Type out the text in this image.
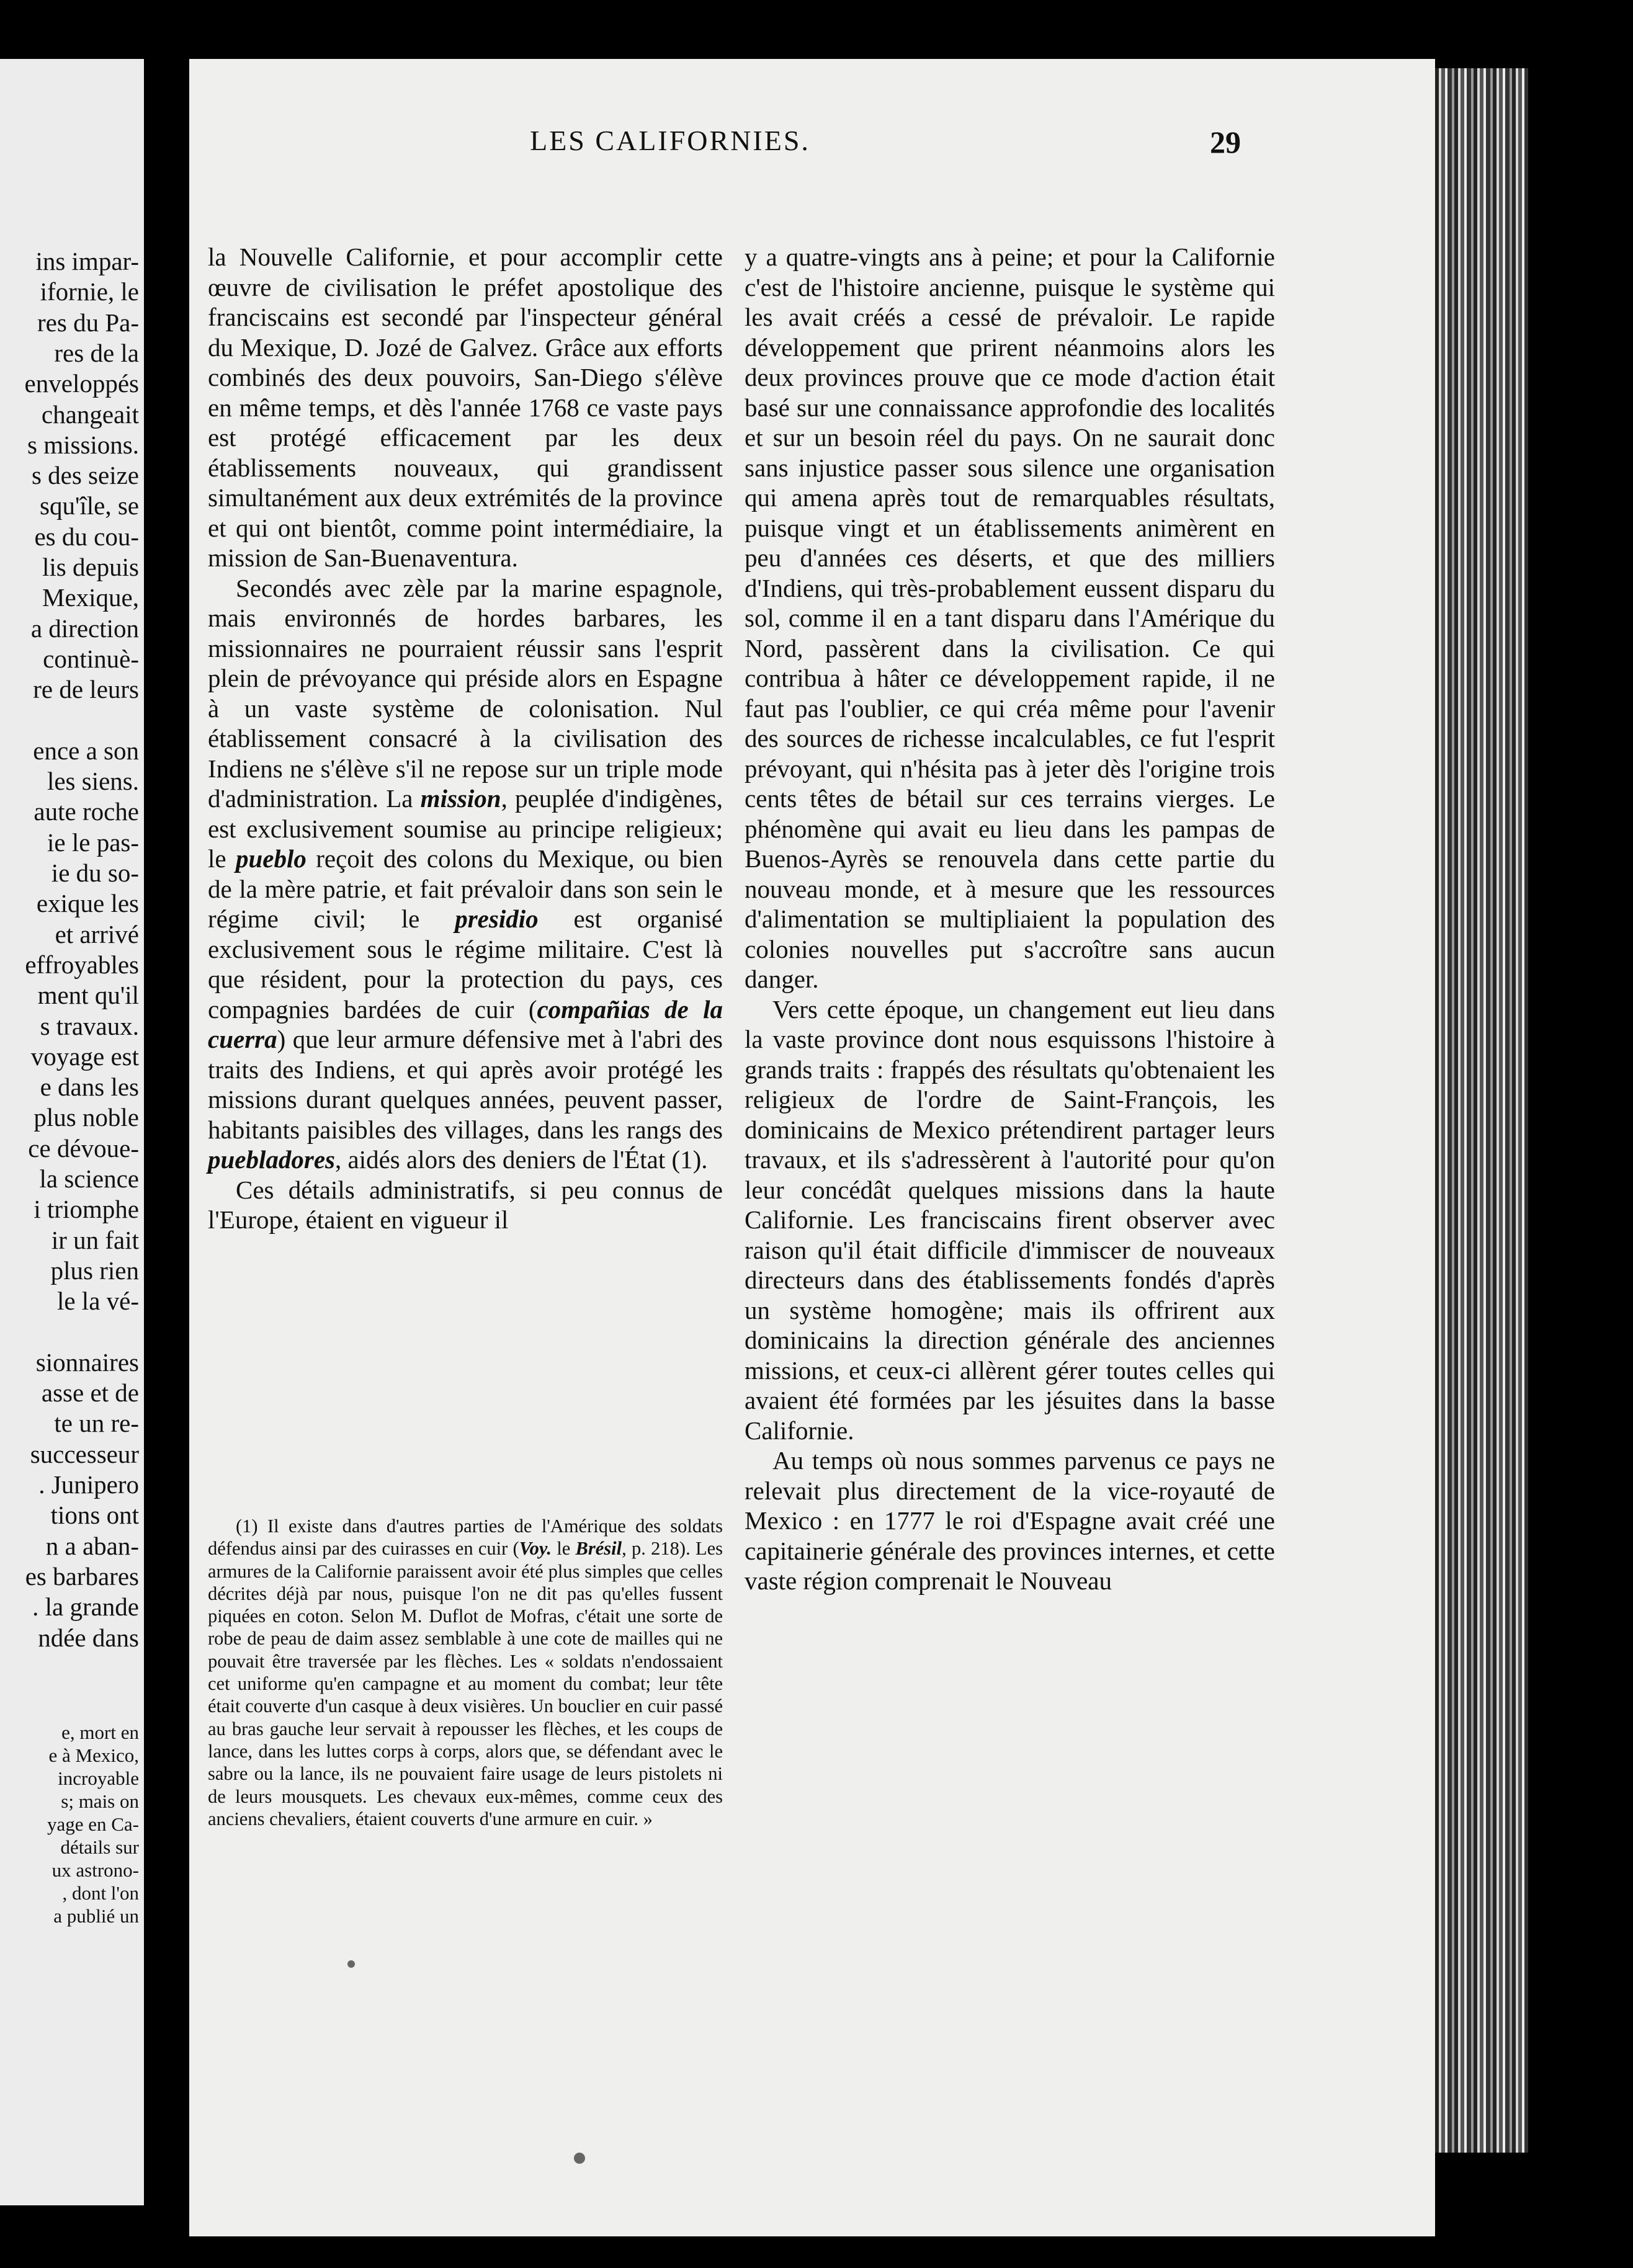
ins impar-
ifornie, le
res du Pa-
res de la
enveloppés
changeait
s missions.
s des seize
squ'île, se
es du cou-
lis depuis
Mexique,
a direction
continuè-
re de leurs
ence a son
les siens.
aute roche
ie le pas-
ie du so-
exique les
et arrivé
effroyables
ment qu'il
s travaux.
voyage est
e dans les
plus noble
ce dévoue-
la science
i triomphe
ir un fait
plus rien
le la vé-
sionnaires
asse et de
te un re-
successeur
. Junipero
tions ont
n a aban-
es barbares
. la grande
ndée dans
e, mort en
e à Mexico,
incroyable
s; mais on
yage en Ca-
détails sur
ux astrono-
, dont l'on
a publié un
LES CALIFORNIES.	29

la Nouvelle Californie, et pour accomplir cette œuvre de civilisation le préfet apostolique des franciscains est secondé par l'inspecteur général du Mexique, D. Jozé de Galvez. Grâce aux efforts combinés des deux pouvoirs, San-Diego s'élève en même temps, et dès l'année 1768 ce vaste pays est protégé efficacement par les deux établissements nouveaux, qui grandissent simultanément aux deux extrémités de la province et qui ont bientôt, comme point intermédiaire, la mission de San-Buenaventura.

Secondés avec zèle par la marine espagnole, mais environnés de hordes barbares, les missionnaires ne pourraient réussir sans l'esprit plein de prévoyance qui préside alors en Espagne à un vaste système de colonisation. Nul établissement consacré à la civilisation des Indiens ne s'élève s'il ne repose sur un triple mode d'administration. La mission, peuplée d'indigènes, est exclusivement soumise au principe religieux; le pueblo reçoit des colons du Mexique, ou bien de la mère patrie, et fait prévaloir dans son sein le régime civil; le presidio est organisé exclusivement sous le régime militaire. C'est là que résident, pour la protection du pays, ces compagnies bardées de cuir (compañias de la cuerra) que leur armure défensive met à l'abri des traits des Indiens, et qui après avoir protégé les missions durant quelques années, peuvent passer, habitants paisibles des villages, dans les rangs des puebladores, aidés alors des deniers de l'État (1).

Ces détails administratifs, si peu connus de l'Europe, étaient en vigueur il

(1) Il existe dans d'autres parties de l'Amérique des soldats défendus ainsi par des cuirasses en cuir (Voy. le Brésil, p. 218). Les armures de la Californie paraissent avoir été plus simples que celles décrites déjà par nous, puisque l'on ne dit pas qu'elles fussent piquées en coton. Selon M. Duflot de Mofras, c'était une sorte de robe de peau de daim assez semblable à une cote de mailles qui ne pouvait être traversée par les flèches. Les « soldats n'endossaient cet uniforme qu'en campagne et au moment du combat; leur tête était couverte d'un casque à deux visières. Un bouclier en cuir passé au bras gauche leur servait à repousser les flèches, et les coups de lance, dans les luttes corps à corps, alors que, se défendant avec le sabre ou la lance, ils ne pouvaient faire usage de leurs pistolets ni de leurs mousquets. Les chevaux eux-mêmes, comme ceux des anciens chevaliers, étaient couverts d'une armure en cuir. »

y a quatre-vingts ans à peine; et pour la Californie c'est de l'histoire ancienne, puisque le système qui les avait créés a cessé de prévaloir. Le rapide développement que prirent néanmoins alors les deux provinces prouve que ce mode d'action était basé sur une connaissance approfondie des localités et sur un besoin réel du pays. On ne saurait donc sans injustice passer sous silence une organisation qui amena après tout de remarquables résultats, puisque vingt et un établissements animèrent en peu d'années ces déserts, et que des milliers d'Indiens, qui très-probablement eussent disparu du sol, comme il en a tant disparu dans l'Amérique du Nord, passèrent dans la civilisation. Ce qui contribua à hâter ce développement rapide, il ne faut pas l'oublier, ce qui créa même pour l'avenir des sources de richesse incalculables, ce fut l'esprit prévoyant, qui n'hésita pas à jeter dès l'origine trois cents têtes de bétail sur ces terrains vierges. Le phénomène qui avait eu lieu dans les pampas de Buenos-Ayrès se renouvela dans cette partie du nouveau monde, et à mesure que les ressources d'alimentation se multipliaient la population des colonies nouvelles put s'accroître sans aucun danger.

Vers cette époque, un changement eut lieu dans la vaste province dont nous esquissons l'histoire à grands traits : frappés des résultats qu'obtenaient les religieux de l'ordre de Saint-François, les dominicains de Mexico prétendirent partager leurs travaux, et ils s'adressèrent à l'autorité pour qu'on leur concédât quelques missions dans la haute Californie. Les franciscains firent observer avec raison qu'il était difficile d'immiscer de nouveaux directeurs dans des établissements fondés d'après un système homogène; mais ils offrirent aux dominicains la direction générale des anciennes missions, et ceux-ci allèrent gérer toutes celles qui avaient été formées par les jésuites dans la basse Californie.

Au temps où nous sommes parvenus ce pays ne relevait plus directement de la vice-royauté de Mexico : en 1777 le roi d'Espagne avait créé une capitainerie générale des provinces internes, et cette vaste région comprenait le Nouveau
